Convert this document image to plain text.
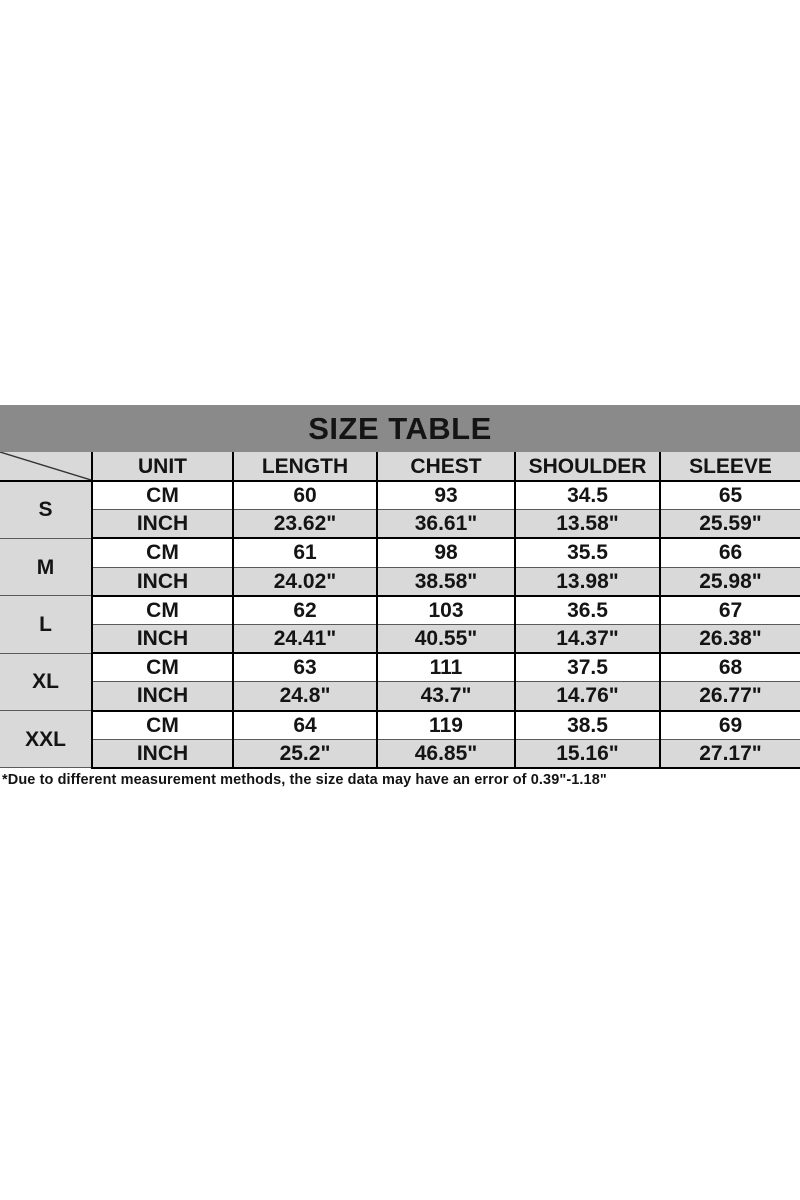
SIZE TABLE
	UNIT	LENGTH	CHEST	SHOULDER	SLEEVE
S	CM	60	93	34.5	65
	INCH	23.62"	36.61"	13.58"	25.59"
M	CM	61	98	35.5	66
	INCH	24.02"	38.58"	13.98"	25.98"
L	CM	62	103	36.5	67
	INCH	24.41"	40.55"	14.37"	26.38"
XL	CM	63	111	37.5	68
	INCH	24.8"	43.7"	14.76"	26.77"
XXL	CM	64	119	38.5	69
	INCH	25.2"	46.85"	15.16"	27.17"
*Due to different measurement methods, the size data may have an error of 0.39"-1.18"
